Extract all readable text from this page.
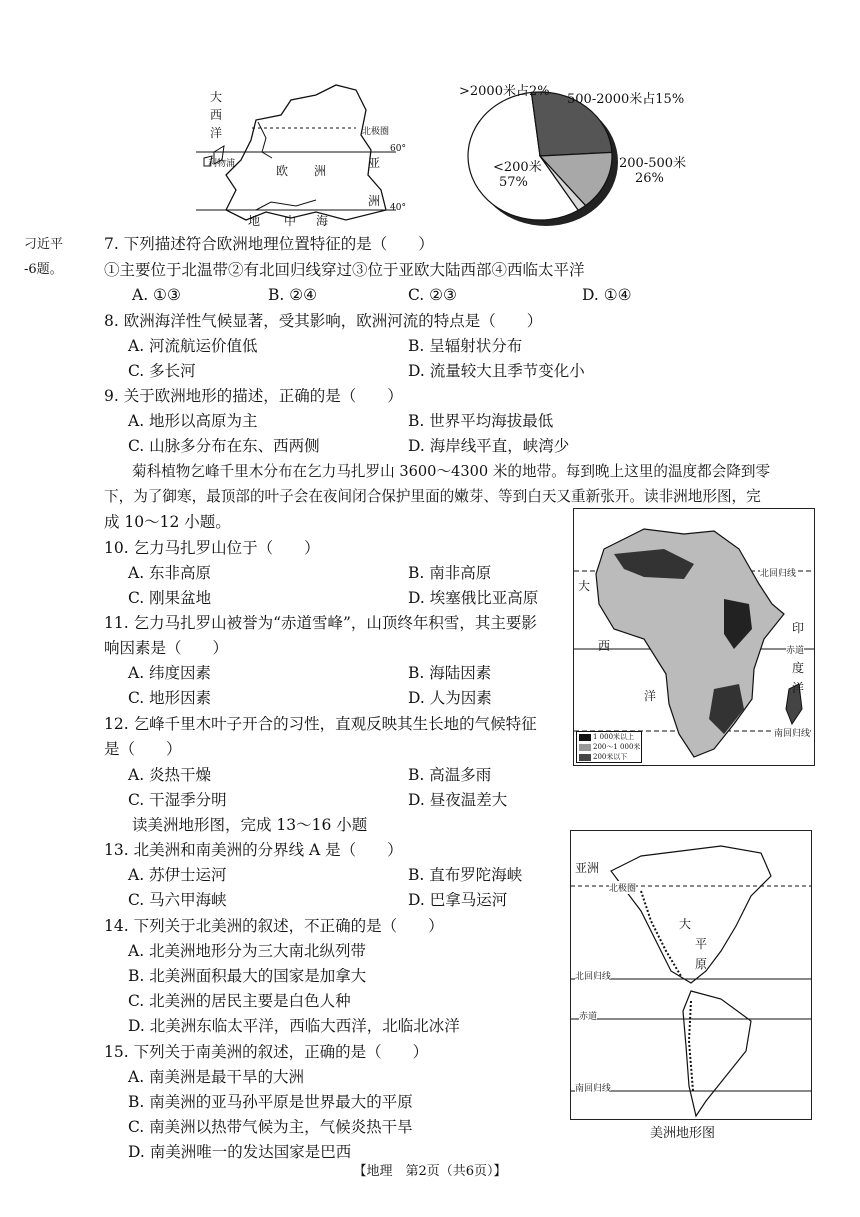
大
西
洋	北极圈
60°
40°
利物浦	欧 洲
亚
洲
地 中 海
>2000米占2%
500-2000米占15%
200-500米
26%
<200米
57%
刁近平
-6题。
7. 下列描述符合欧洲地理位置特征的是（　　）
①主要位于北温带②有北回归线穿过③位于亚欧大陆西部④西临太平洋
A. ①③	B. ②④	C. ②③	D. ①④
8. 欧洲海洋性气候显著，受其影响，欧洲河流的特点是（　　）
A. 河流航运价值低	B. 呈辐射状分布
C. 多长河	D. 流量较大且季节变化小
9. 关于欧洲地形的描述，正确的是（　　）
A. 地形以高原为主	B. 世界平均海拔最低
C. 山脉多分布在东、西两侧	D. 海岸线平直，峡湾少
菊科植物乞峰千里木分布在乞力马扎罗山 3600～4300 米的地带。每到晚上这里的温度都会降到零
下，为了御寒，最顶部的叶子会在夜间闭合保护里面的嫩芽、等到白天又重新张开。读非洲地形图，完
成 10～12 小题。
10. 乞力马扎罗山位于（　　）
A. 东非高原	B. 南非高原
C. 刚果盆地	D. 埃塞俄比亚高原
11. 乞力马扎罗山被誉为“赤道雪峰”，山顶终年积雪，其主要影
响因素是（　　）
A. 纬度因素	B. 海陆因素
C. 地形因素	D. 人为因素
12. 乞峰千里木叶子开合的习性，直观反映其生长地的气候特征
是（　　）
A. 炎热干燥	B. 高温多雨
C. 干湿季分明	D. 昼夜温差大
读美洲地形图，完成 13～16 小题
13. 北美洲和南美洲的分界线 A 是（　　）
A. 苏伊士运河	B. 直布罗陀海峡
C. 马六甲海峡	D. 巴拿马运河
14. 下列关于北美洲的叙述，不正确的是（　　）
A. 北美洲地形分为三大南北纵列带
B. 北美洲面积最大的国家是加拿大
C. 北美洲的居民主要是白色人种
D. 北美洲东临太平洋，西临大西洋，北临北冰洋
15. 下列关于南美洲的叙述，正确的是（　　）
A. 南美洲是最干旱的大洲
B. 南美洲的亚马孙平原是世界最大的平原
C. 南美洲以热带气候为主，气候炎热干旱
D. 南美洲唯一的发达国家是巴西
北回归线
赤道
南回归线
大
西
洋
印
度
洋
1 000米以上
200～1 000米
200米以下
亚洲
北极圈
大
平
原
北回归线
赤道
南回归线
美洲地形图
【地理　第2页（共6页）】
